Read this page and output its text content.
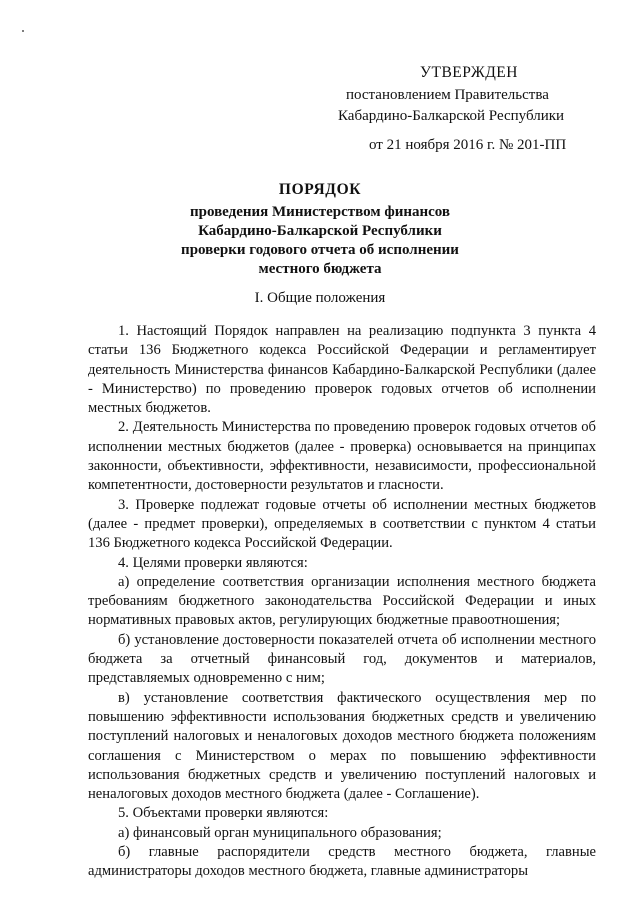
УТВЕРЖДЕН
постановлением Правительства
Кабардино-Балкарской Республики
от 21 ноября 2016 г. № 201-ПП
ПОРЯДОК
проведения Министерством финансов
Кабардино-Балкарской Республики
проверки годового отчета об исполнении
местного бюджета
I. Общие положения

1. Настоящий Порядок направлен на реализацию подпункта 3 пункта 4 статьи 136 Бюджетного кодекса Российской Федерации и регламентирует деятельность Министерства финансов Кабардино-Балкарской Республики (далее - Министерство) по проведению проверок годовых отчетов об исполнении местных бюджетов.

2. Деятельность Министерства по проведению проверок годовых отчетов об исполнении местных бюджетов (далее - проверка) основывается на принципах законности, объективности, эффективности, независимости, профессиональной компетентности, достоверности результатов и гласности.

3. Проверке подлежат годовые отчеты об исполнении местных бюджетов (далее - предмет проверки), определяемых в соответствии с пунктом 4 статьи 136 Бюджетного кодекса Российской Федерации.

4. Целями проверки являются:

а) определение соответствия организации исполнения местного бюджета требованиям бюджетного законодательства Российской Федерации и иных нормативных правовых актов, регулирующих бюджетные правоотношения;

б) установление достоверности показателей отчета об исполнении местного бюджета за отчетный финансовый год, документов и материалов, представляемых одновременно с ним;

в) установление соответствия фактического осуществления мер по повышению эффективности использования бюджетных средств и увеличению поступлений налоговых и неналоговых доходов местного бюджета положениям соглашения с Министерством о мерах по повышению эффективности использования бюджетных средств и увеличению поступлений налоговых и неналоговых доходов местного бюджета (далее - Соглашение).

5. Объектами проверки являются:

а) финансовый орган муниципального образования;

б) главные распорядители средств местного бюджета, главные администраторы доходов местного бюджета, главные администраторы
